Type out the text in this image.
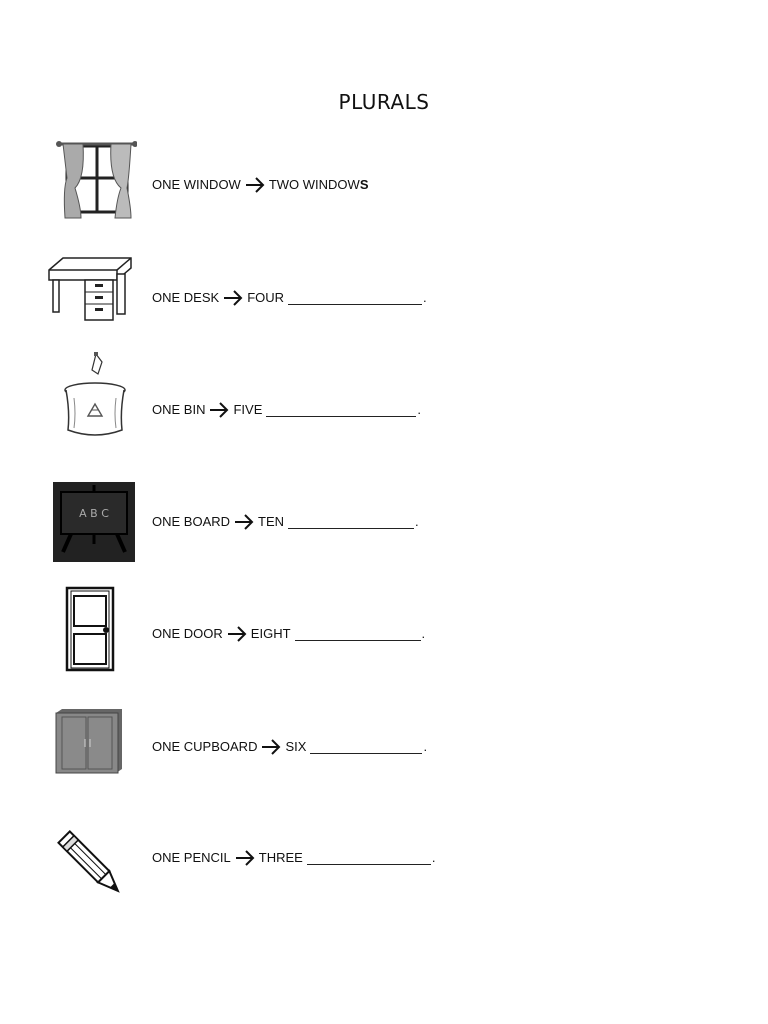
PLURALS
ONE WINDOW TWO WINDOWS
ONE DESK FOUR	.
ONE BIN FIVE	.
A B C
ONE BOARD TEN	.
ONE DOOR EIGHT	.
ONE CUPBOARD SIX	.
ONE PENCIL THREE	.
